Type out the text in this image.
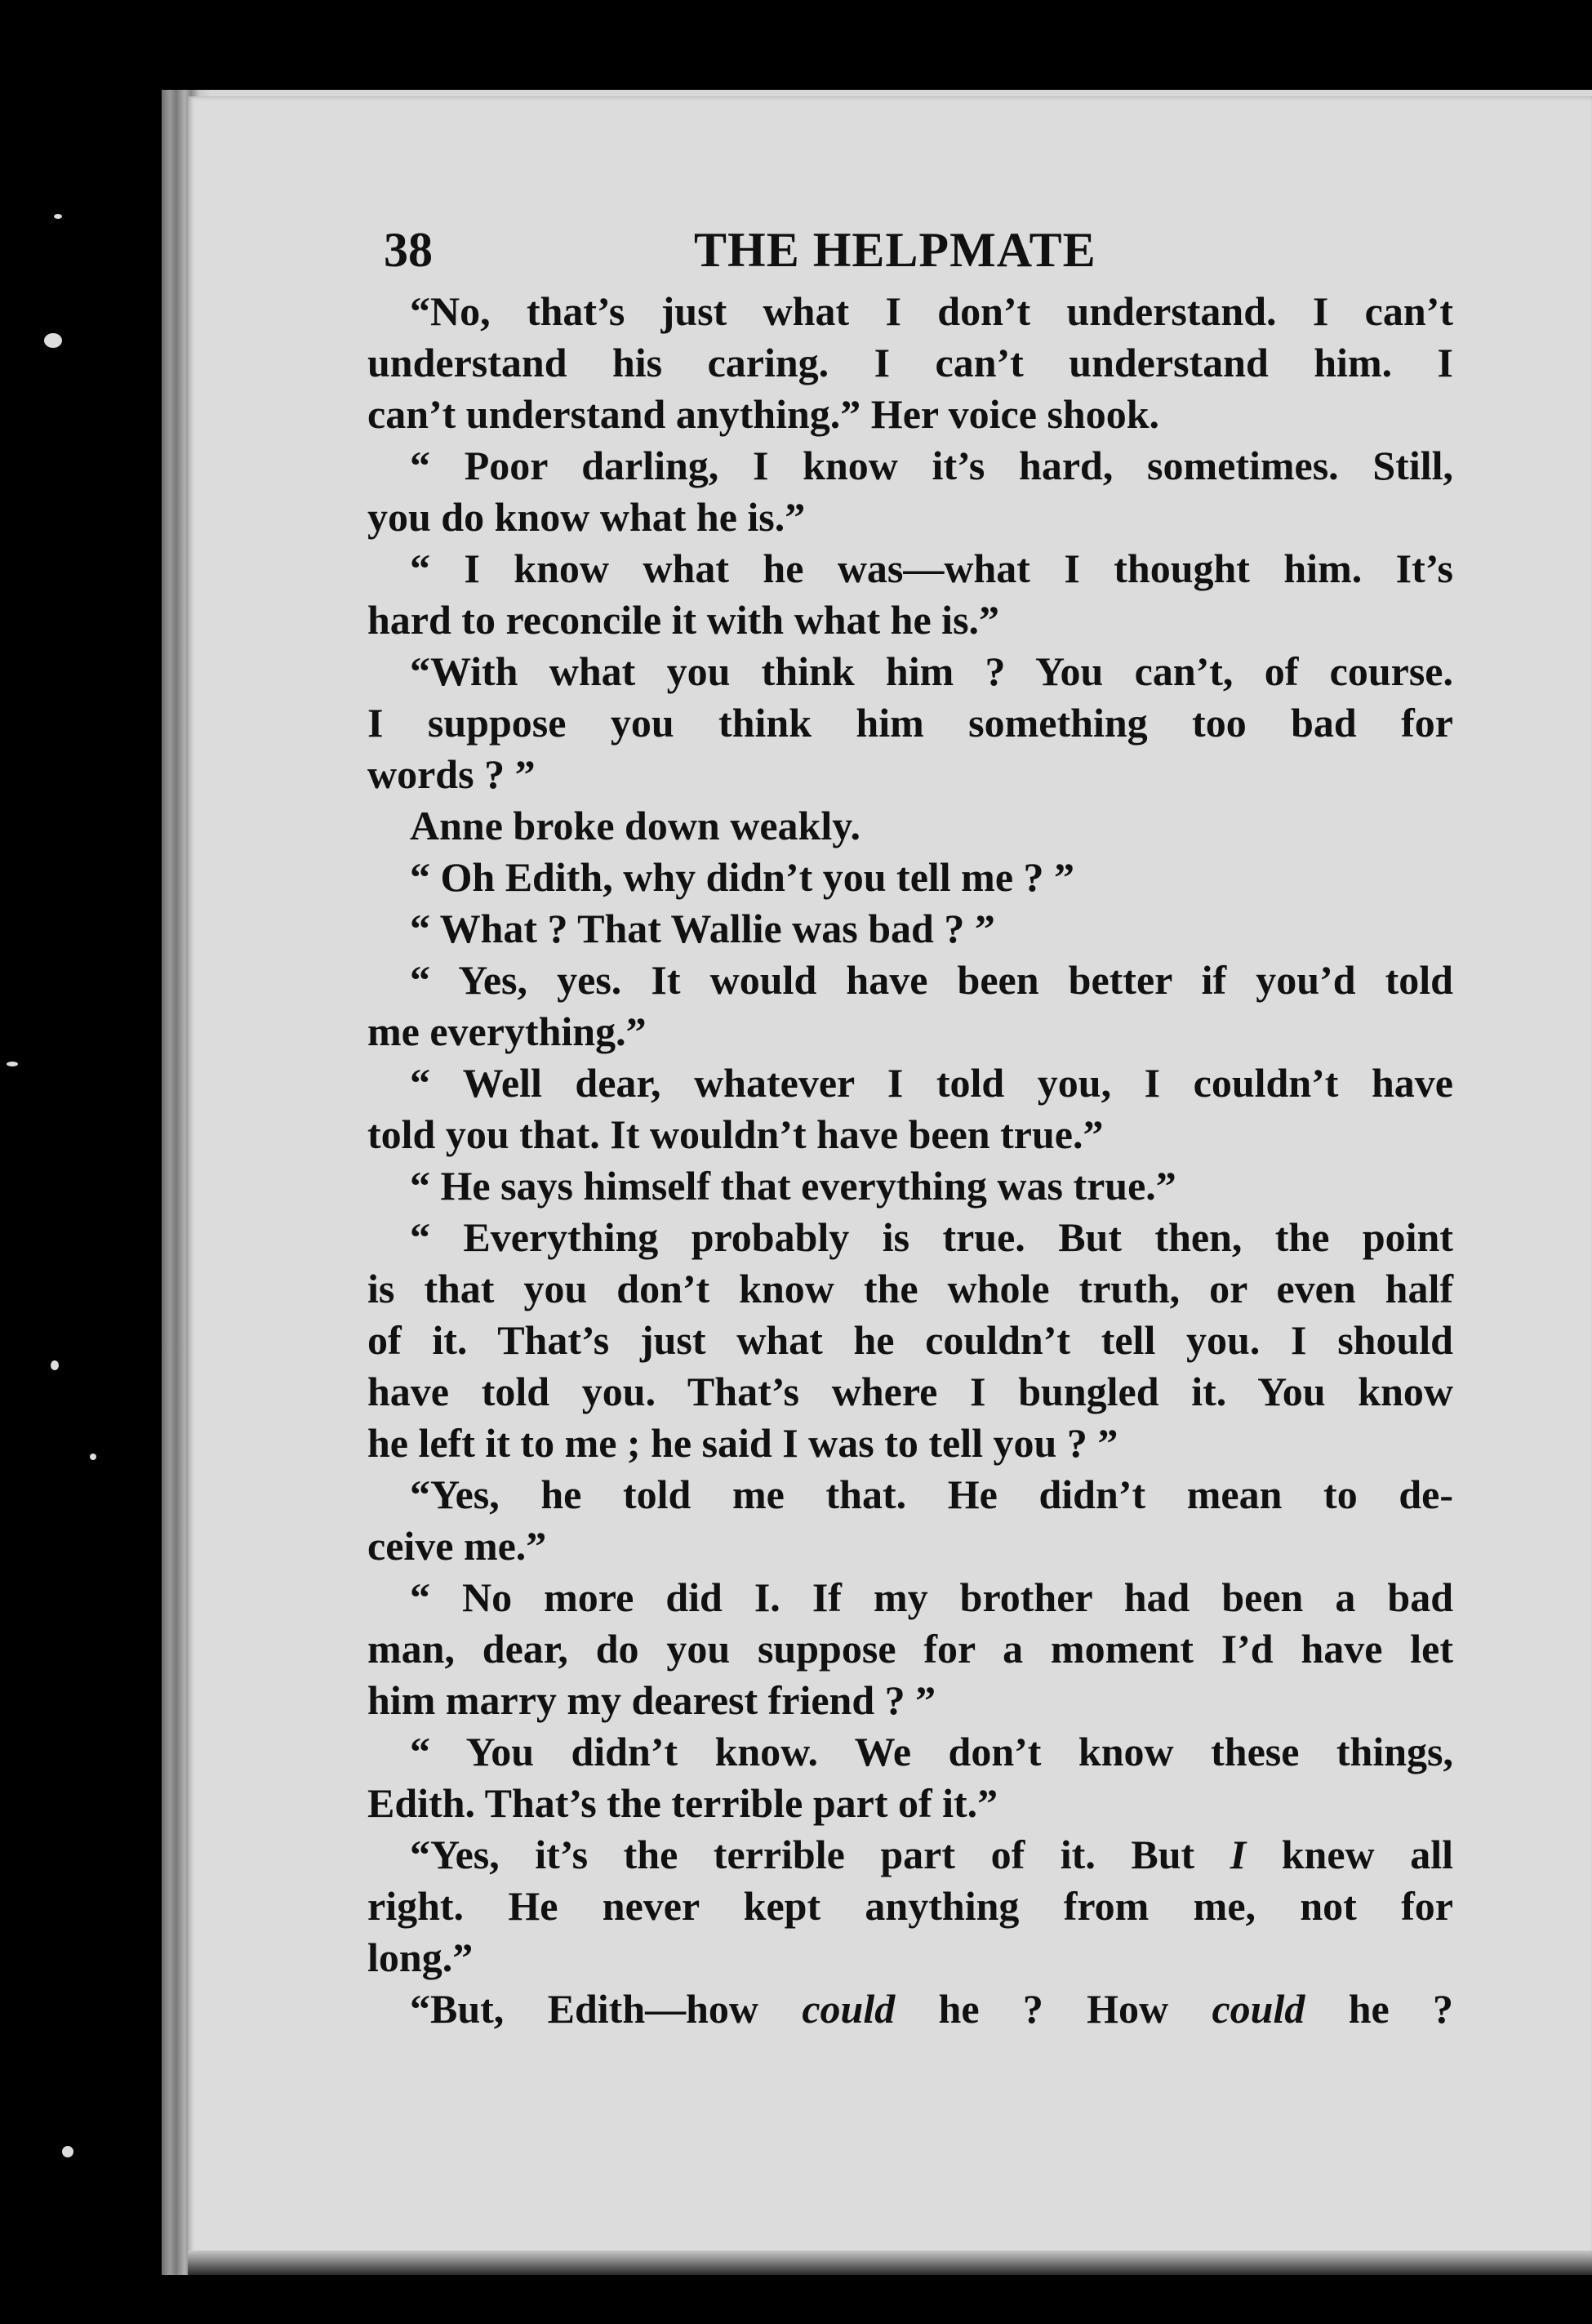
38	THE HELPMATE
“No, that’s just what I don’t understand. I can’t
understand his caring. I can’t understand him. I
can’t understand anything.” Her voice shook.
“ Poor darling, I know it’s hard, sometimes. Still,
you do know what he is.”
“ I know what he was—what I thought him. It’s
hard to reconcile it with what he is.”
“With what you think him ? You can’t, of course.
I suppose you think him something too bad for
words ? ”
Anne broke down weakly.
“ Oh Edith, why didn’t you tell me ? ”
“ What ? That Wallie was bad ? ”
“ Yes, yes. It would have been better if you’d told
me everything.”
“ Well dear, whatever I told you, I couldn’t have
told you that. It wouldn’t have been true.”
“ He says himself that everything was true.”
“ Everything probably is true. But then, the point
is that you don’t know the whole truth, or even half
of it. That’s just what he couldn’t tell you. I should
have told you. That’s where I bungled it. You know
he left it to me ; he said I was to tell you ? ”
“Yes, he told me that. He didn’t mean to de-
ceive me.”
“ No more did I. If my brother had been a bad
man, dear, do you suppose for a moment I’d have let
him marry my dearest friend ? ”
“ You didn’t know. We don’t know these things,
Edith. That’s the terrible part of it.”
“Yes, it’s the terrible part of it. But I knew all
right. He never kept anything from me, not for
long.”
“But, Edith—how could he ? How could he ?
